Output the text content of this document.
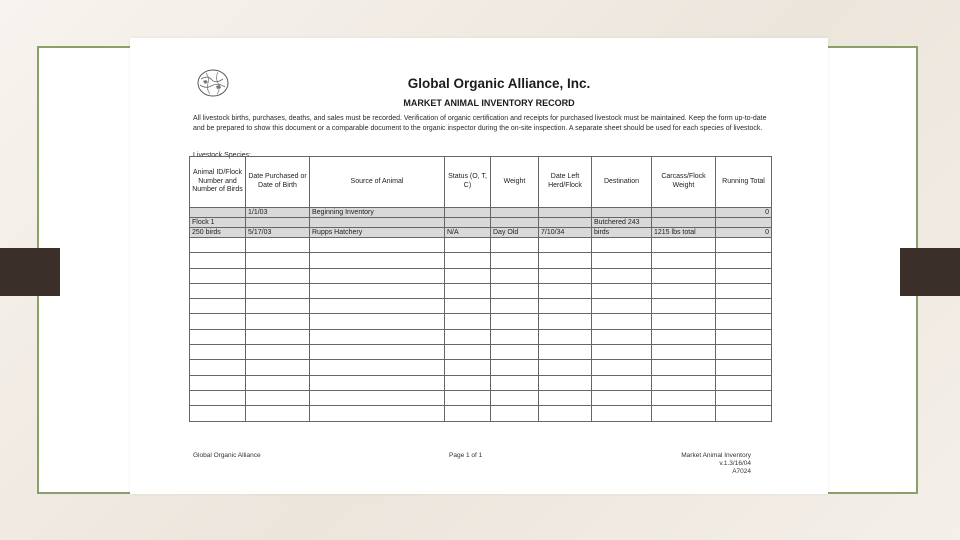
Global Organic Alliance, Inc.
MARKET ANIMAL INVENTORY RECORD
All livestock births, purchases, deaths, and sales must be recorded. Verification of organic certification and receipts for purchased livestock must be maintained. Keep the form up-to-date and be prepared to show this document or a comparable document to the organic inspector during the on-site inspection. A separate sheet should be used for each species of livestock.
Livestock Species:
Animal ID/Flock Number and Number of Birds	Date Purchased or Date of Birth	Source of Animal	Status (O, T, C)	Weight	Date Left Herd/Flock	Destination	Carcass/Flock Weight	Running Total
	1/1/03	Beginning Inventory						0
Flock 1						Butchered 243		
250 birds	5/17/03	Rupps Hatchery	N/A	Day Old	7/10/34	birds	1215 lbs total	0

Global Organic Alliance	Page 1 of 1	Market Animal Inventory v.1.3/16/04
A7024
